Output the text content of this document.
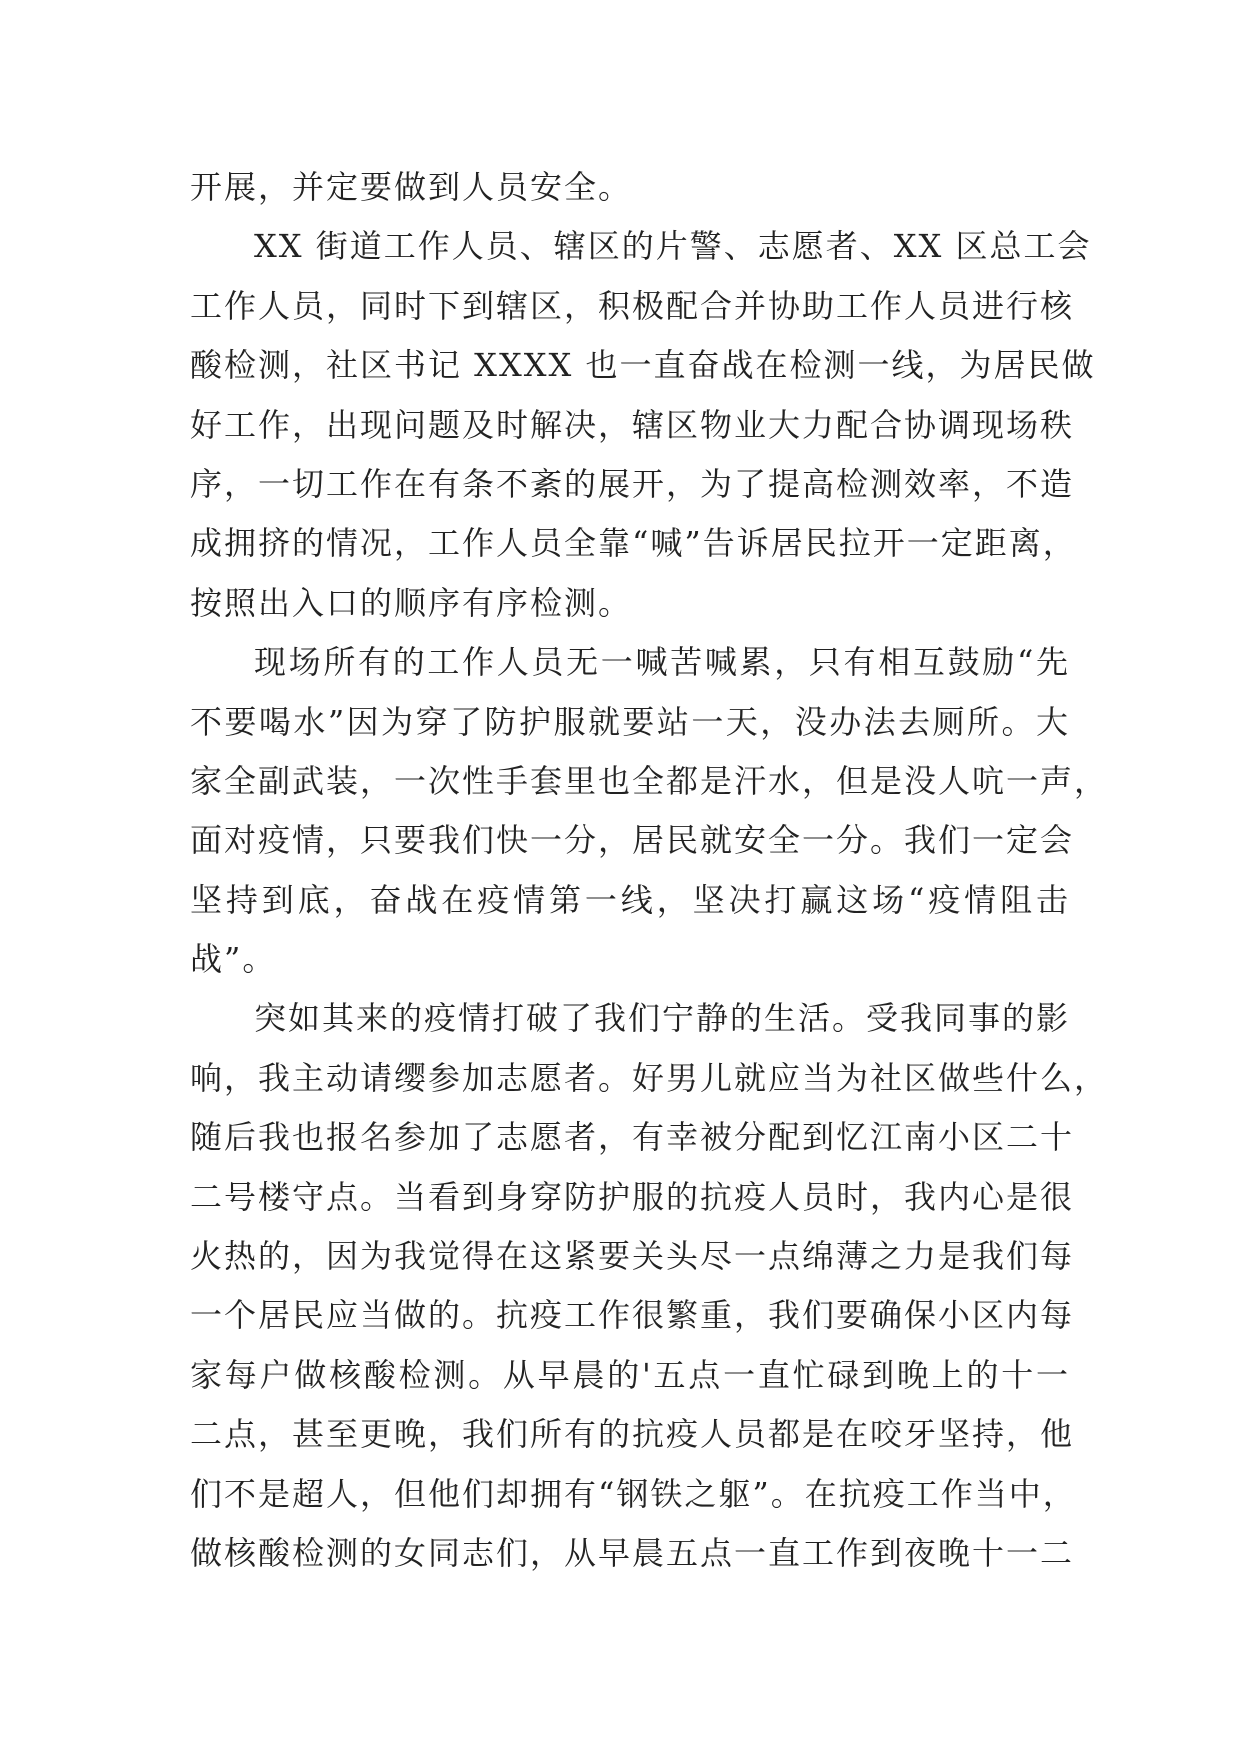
开展，并定要做到人员安全。
XX 街道工作人员、辖区的片警、志愿者、XX 区总工会
工作人员，同时下到辖区，积极配合并协助工作人员进行核
酸检测，社区书记 XXXX 也一直奋战在检测一线，为居民做
好工作，出现问题及时解决，辖区物业大力配合协调现场秩
序，一切工作在有条不紊的展开，为了提高检测效率，不造
成拥挤的情况，工作人员全靠“喊”告诉居民拉开一定距离，
按照出入口的顺序有序检测。
现场所有的工作人员无一喊苦喊累，只有相互鼓励“先
不要喝水”因为穿了防护服就要站一天，没办法去厕所。大
家全副武装，一次性手套里也全都是汗水，但是没人吭一声，
面对疫情，只要我们快一分，居民就安全一分。我们一定会
坚持到底，奋战在疫情第一线，坚决打赢这场“疫情阻击
战”。
突如其来的疫情打破了我们宁静的生活。受我同事的影
响，我主动请缨参加志愿者。好男儿就应当为社区做些什么，
随后我也报名参加了志愿者，有幸被分配到忆江南小区二十
二号楼守点。当看到身穿防护服的抗疫人员时，我内心是很
火热的，因为我觉得在这紧要关头尽一点绵薄之力是我们每
一个居民应当做的。抗疫工作很繁重，我们要确保小区内每
家每户做核酸检测。从早晨的'五点一直忙碌到晚上的十一
二点，甚至更晚，我们所有的抗疫人员都是在咬牙坚持，他
们不是超人，但他们却拥有“钢铁之躯”。在抗疫工作当中，
做核酸检测的女同志们，从早晨五点一直工作到夜晚十一二
